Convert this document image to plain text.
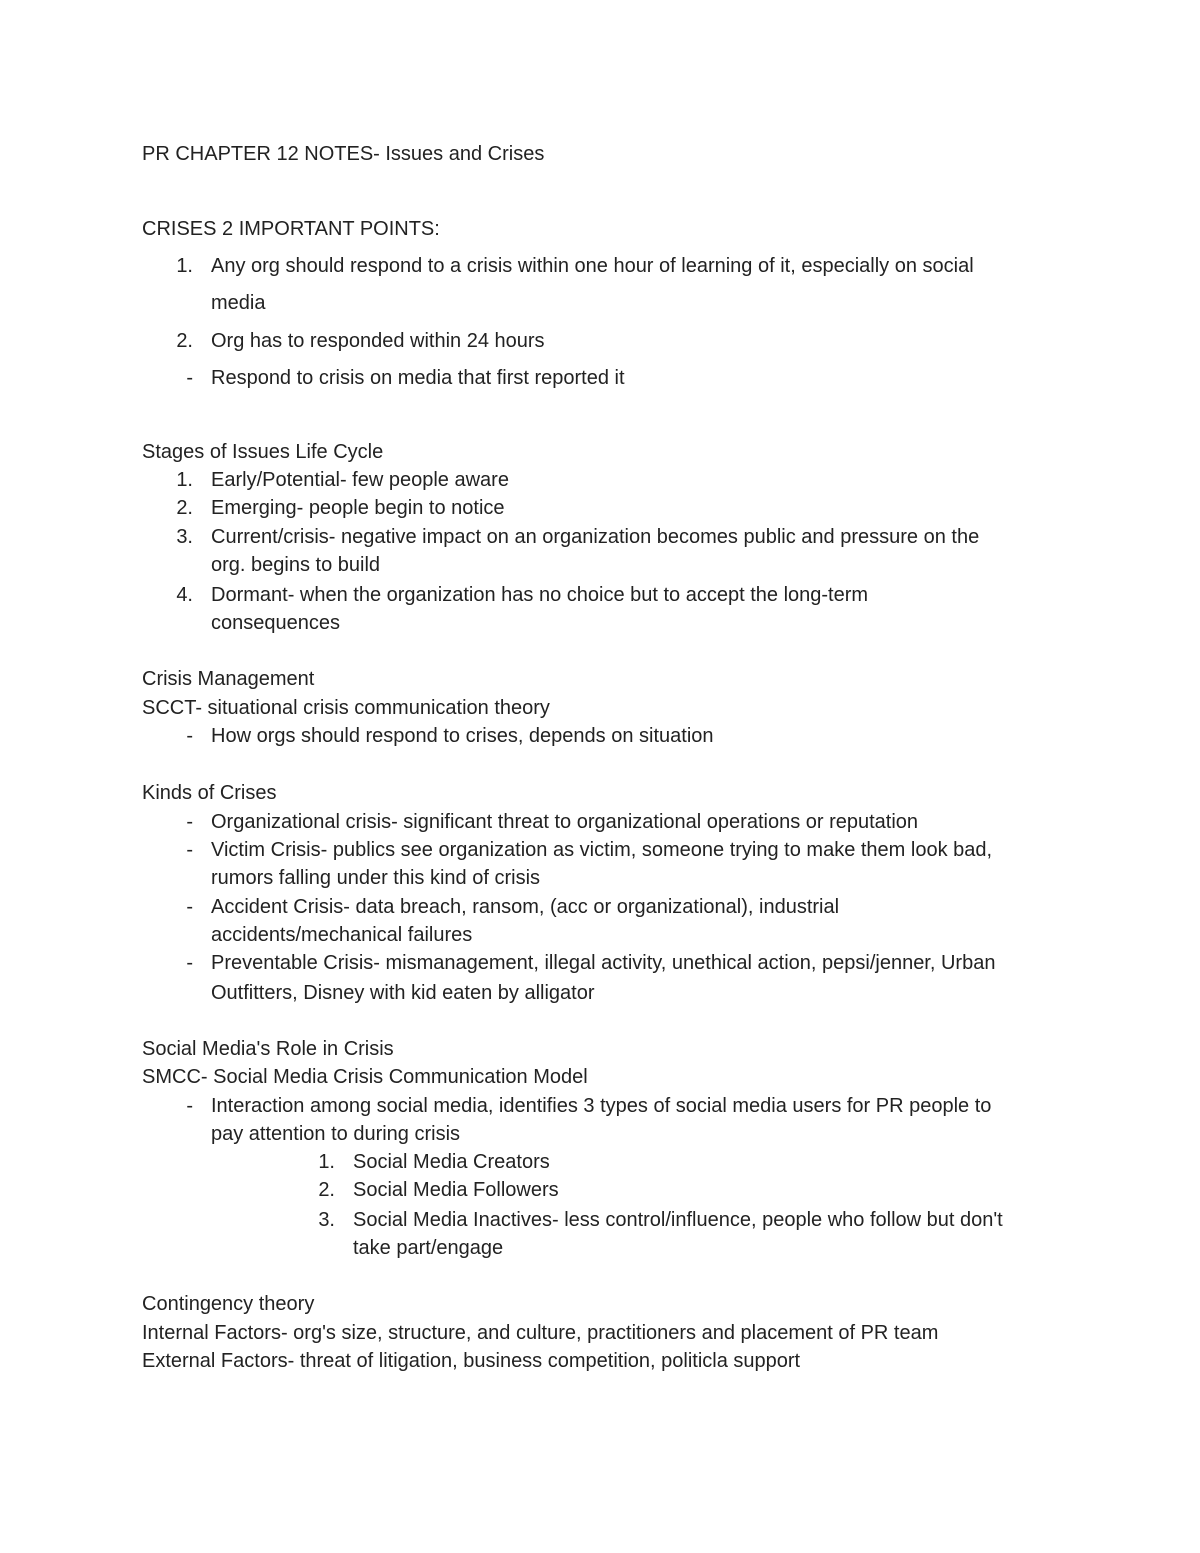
PR CHAPTER 12 NOTES- Issues and Crises
CRISES 2 IMPORTANT POINTS:
1. Any org should respond to a crisis within one hour of learning of it, especially on social
media
2. Org has to responded within 24 hours
- Respond to crisis on media that first reported it
Stages of Issues Life Cycle
1. Early/Potential- few people aware
2. Emerging- people begin to notice
3. Current/crisis- negative impact on an organization becomes public and pressure on the
org. begins to build
4. Dormant- when the organization has no choice but to accept the long-term
consequences
Crisis Management
SCCT- situational crisis communication theory
- How orgs should respond to crises, depends on situation
Kinds of Crises
- Organizational crisis- significant threat to organizational operations or reputation
- Victim Crisis- publics see organization as victim, someone trying to make them look bad,
rumors falling under this kind of crisis
- Accident Crisis- data breach, ransom, (acc or organizational), industrial
accidents/mechanical failures
- Preventable Crisis- mismanagement, illegal activity, unethical action, pepsi/jenner, Urban
Outfitters, Disney with kid eaten by alligator
Social Media's Role in Crisis
SMCC- Social Media Crisis Communication Model
- Interaction among social media, identifies 3 types of social media users for PR people to
pay attention to during crisis
1. Social Media Creators
2. Social Media Followers
3. Social Media Inactives- less control/influence, people who follow but don't
take part/engage
Contingency theory
Internal Factors- org's size, structure, and culture, practitioners and placement of PR team
External Factors- threat of litigation, business competition, politicla support
